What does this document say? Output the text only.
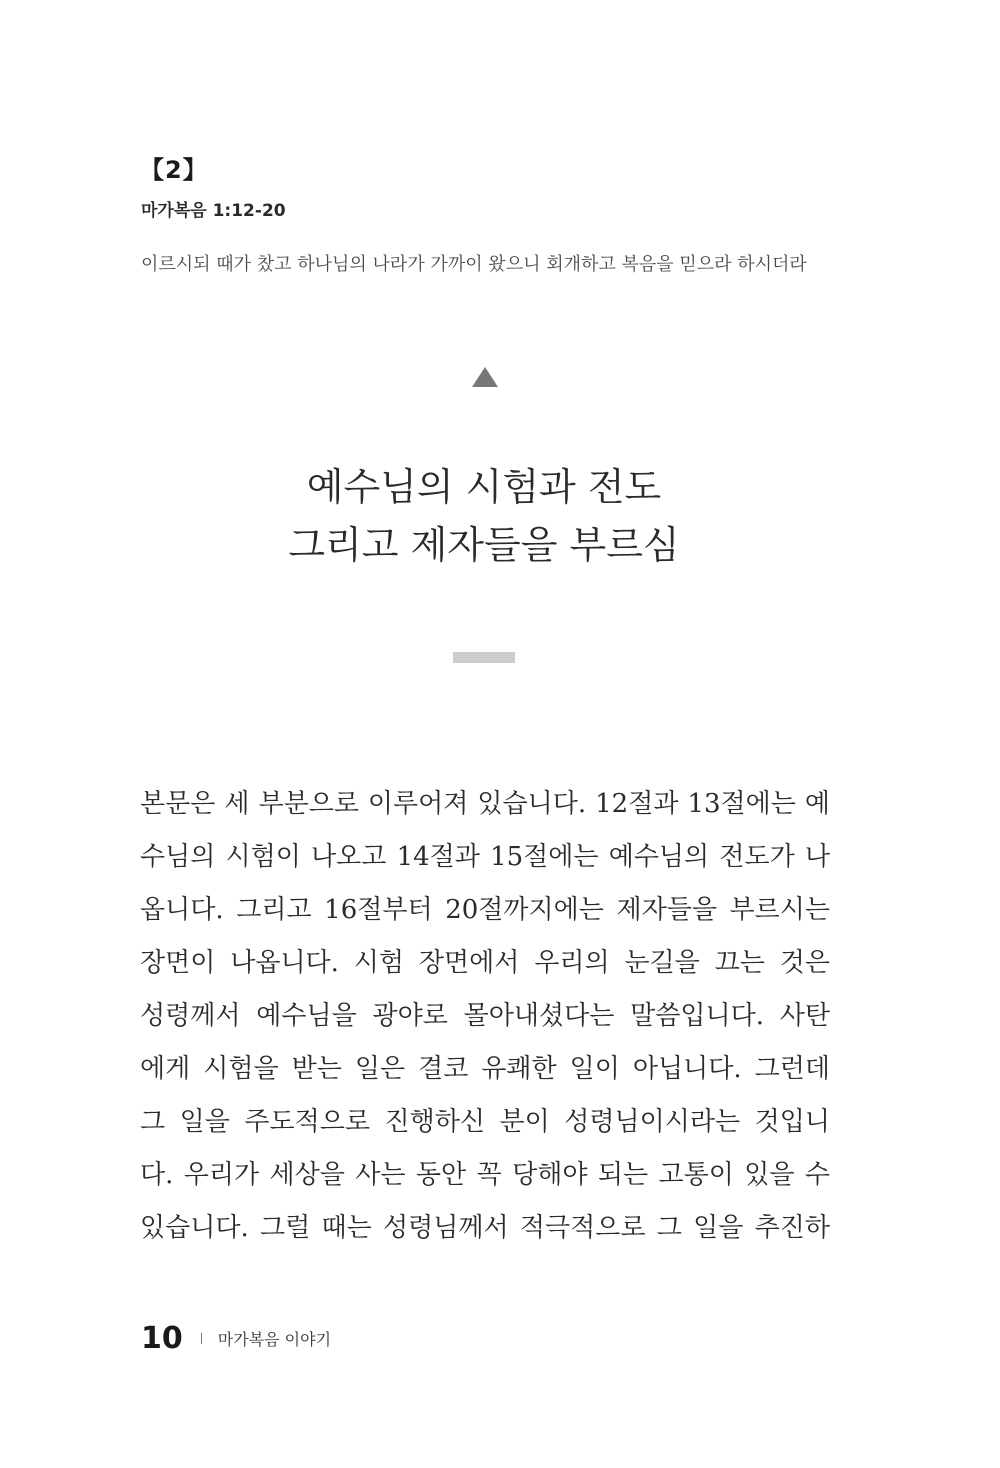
【2】
마가복음 1:12-20
이르시되 때가 찼고 하나님의 나라가 가까이 왔으니 회개하고 복음을 믿으라 하시더라
예수님의 시험과 전도
그리고 제자들을 부르심
본문은 세 부분으로 이루어져 있습니다. 12절과 13절에는 예
수님의 시험이 나오고 14절과 15절에는 예수님의 전도가 나
옵니다. 그리고 16절부터 20절까지에는 제자들을 부르시는
장면이 나옵니다. 시험 장면에서 우리의 눈길을 끄는 것은
성령께서 예수님을 광야로 몰아내셨다는 말씀입니다. 사탄
에게 시험을 받는 일은 결코 유쾌한 일이 아닙니다. 그런데
그 일을 주도적으로 진행하신 분이 성령님이시라는 것입니
다. 우리가 세상을 사는 동안 꼭 당해야 되는 고통이 있을 수
있습니다. 그럴 때는 성령님께서 적극적으로 그 일을 추진하
10 마가복음 이야기
